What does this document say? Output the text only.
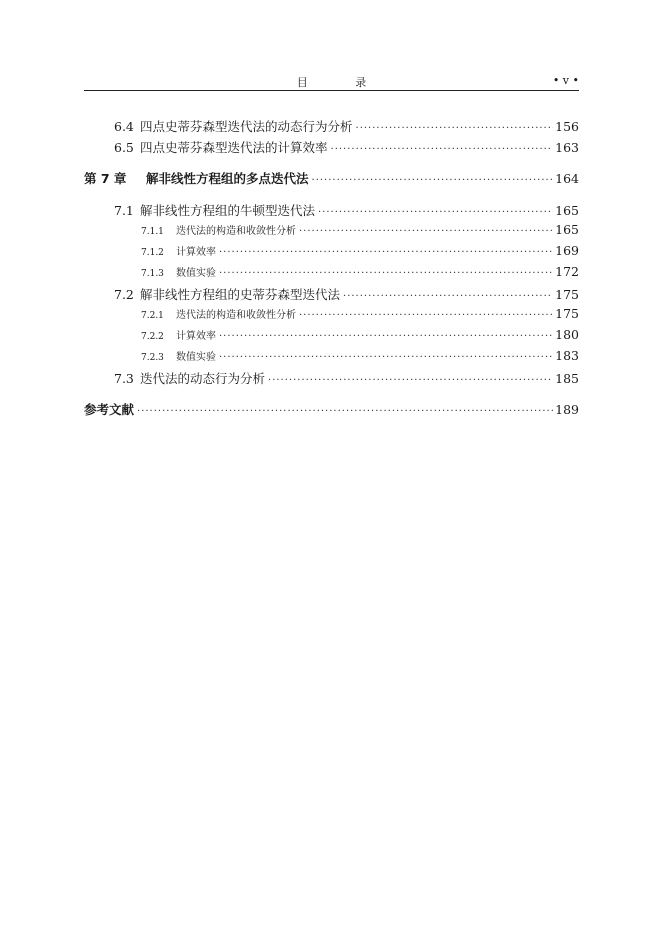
目 录	• v •
6.4 四点史蒂芬森型迭代法的动态行为分析 ·····	156
6.5 四点史蒂芬森型迭代法的计算效率 ·····	163
第 7 章	解非线性方程组的多点迭代法 ·····	164
7.1 解非线性方程组的牛顿型迭代法 ·····	165
7.1.1	迭代法的构造和收敛性分析 ·····	165
7.1.2	计算效率 ·····	169
7.1.3	数值实验 ·····	172
7.2 解非线性方程组的史蒂芬森型迭代法 ·····	175
7.2.1	迭代法的构造和收敛性分析 ·····	175
7.2.2	计算效率 ·····	180
7.2.3	数值实验 ·····	183
7.3 迭代法的动态行为分析 ·····	185
参考文献 ·····	189
